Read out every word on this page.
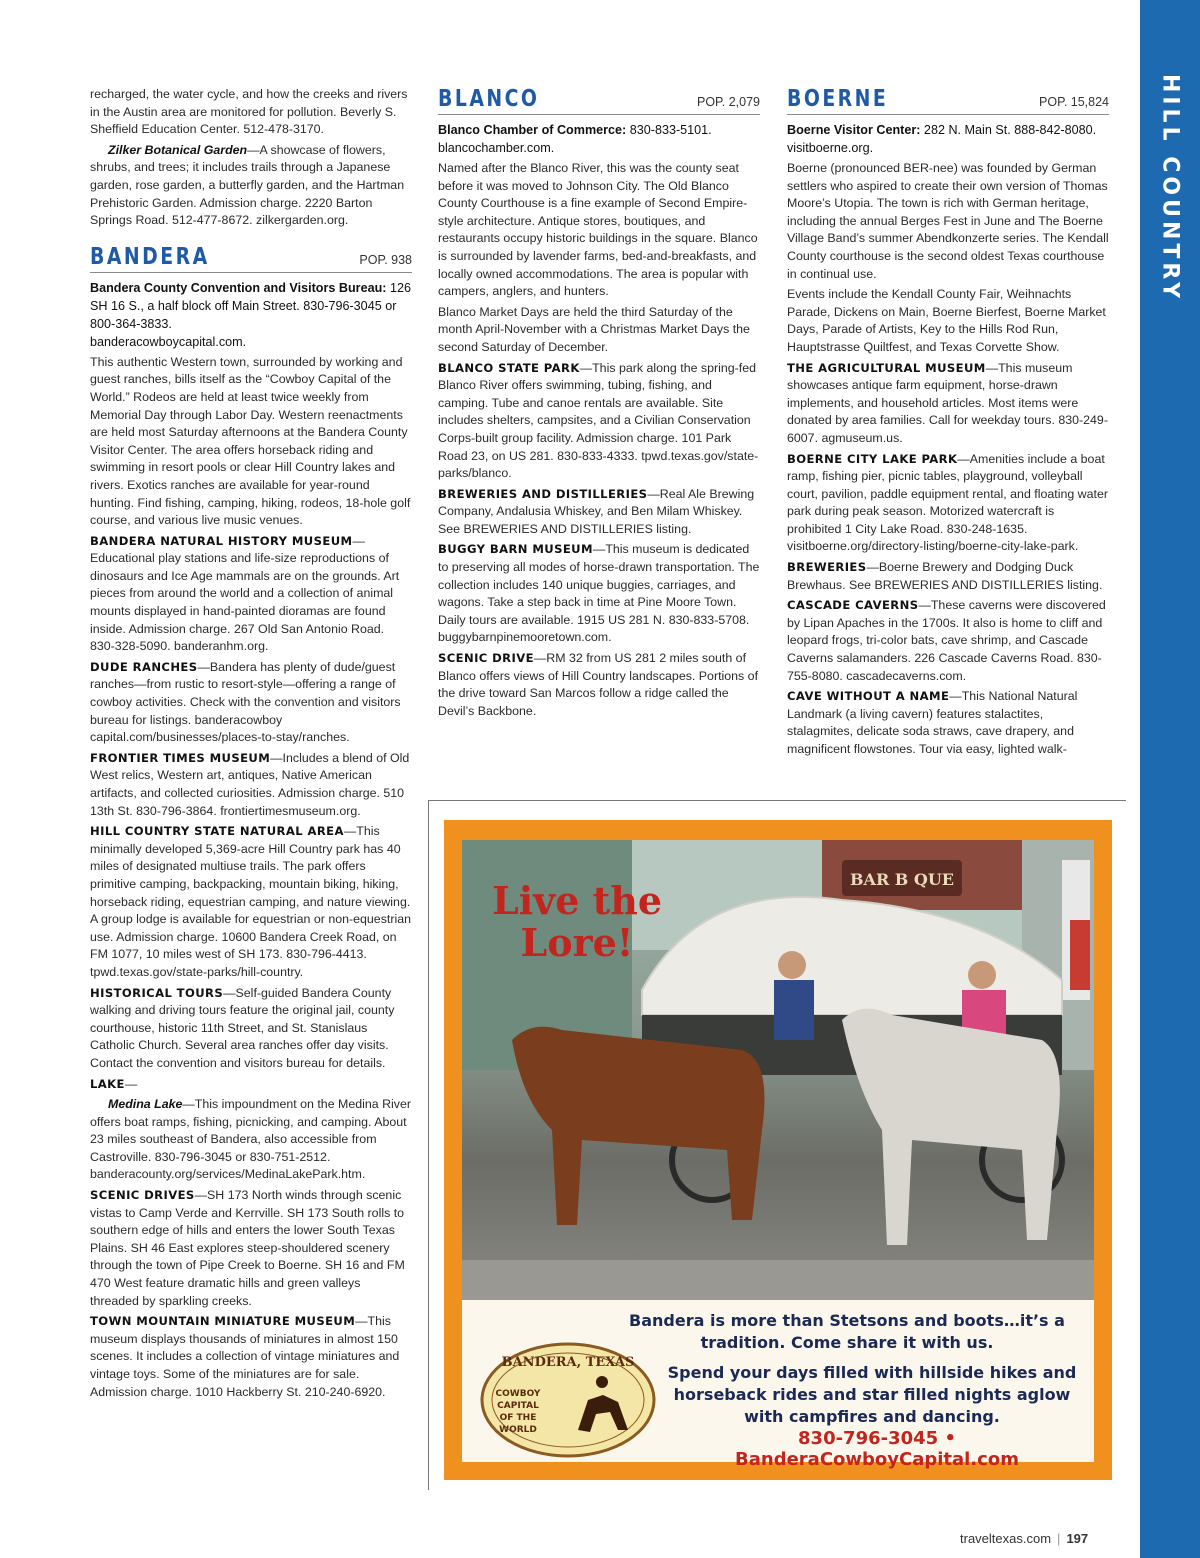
HILL COUNTRY

recharged, the water cycle, and how the creeks and rivers in the Austin area are monitored for pollution. Beverly S. Sheffield Education Center. 512-478-3170.

Zilker Botanical Garden—A showcase of flowers, shrubs, and trees; it includes trails through a Japanese garden, rose garden, a butterfly garden, and the Hartman Prehistoric Garden. Admission charge. 2220 Barton Springs Road. 512-477-8672. zilkergarden.org.

BANDERA	POP. 938

Bandera County Convention and Visitors Bureau: 126 SH 16 S., a half block off Main Street. 830-796-3045 or 800-364-3833.
banderacowboycapital.com.

This authentic Western town, surrounded by working and guest ranches, bills itself as the “Cowboy Capital of the World.” Rodeos are held at least twice weekly from Memorial Day through Labor Day. Western reenactments are held most Saturday afternoons at the Bandera County Visitor Center. The area offers horseback riding and swimming in resort pools or clear Hill Country lakes and rivers. Exotics ranches are available for year-round hunting. Find fishing, camping, hiking, rodeos, 18-hole golf course, and various live music venues.

BANDERA NATURAL HISTORY MUSEUM—Educational play stations and life-size reproductions of dinosaurs and Ice Age mammals are on the grounds. Art pieces from around the world and a collection of animal mounts displayed in hand-painted dioramas are found inside. Admission charge. 267 Old San Antonio Road. 830-328-5090. banderanhm.org.

DUDE RANCHES—Bandera has plenty of dude/guest ranches—from rustic to resort-style—offering a range of cowboy activities. Check with the convention and visitors bureau for listings. banderacowboy capital.com/businesses/places-to-stay/ranches.

FRONTIER TIMES MUSEUM—Includes a blend of Old West relics, Western art, antiques, Native American artifacts, and collected curiosities. Admission charge. 510 13th St. 830-796-3864. frontiertimesmuseum.org.

HILL COUNTRY STATE NATURAL AREA—This minimally developed 5,369-acre Hill Country park has 40 miles of designated multiuse trails. The park offers primitive camping, backpacking, mountain biking, hiking, horseback riding, equestrian camping, and nature viewing. A group lodge is available for equestrian or non-equestrian use. Admission charge. 10600 Bandera Creek Road, on FM 1077, 10 miles west of SH 173. 830-796-4413. tpwd.texas.gov/state-parks/hill-country.

HISTORICAL TOURS—Self-guided Bandera County walking and driving tours feature the original jail, county courthouse, historic 11th Street, and St. Stanislaus Catholic Church. Several area ranches offer day visits. Contact the convention and visitors bureau for details.

LAKE—

Medina Lake—This impoundment on the Medina River offers boat ramps, fishing, picnicking, and camping. About 23 miles southeast of Bandera, also accessible from Castroville. 830-796-3045 or 830-751-2512. banderacounty.org/services/MedinaLakePark.htm.

SCENIC DRIVES—SH 173 North winds through scenic vistas to Camp Verde and Kerrville. SH 173 South rolls to southern edge of hills and enters the lower South Texas Plains. SH 46 East explores steep-shouldered scenery through the town of Pipe Creek to Boerne. SH 16 and FM 470 West feature dramatic hills and green valleys threaded by sparkling creeks.

TOWN MOUNTAIN MINIATURE MUSEUM—This museum displays thousands of miniatures in almost 150 scenes. It includes a collection of vintage miniatures and vintage toys. Some of the miniatures are for sale. Admission charge. 1010 Hackberry St. 210-240-6920.

BLANCO	POP. 2,079

Blanco Chamber of Commerce: 830-833-5101.
blancochamber.com.

Named after the Blanco River, this was the county seat before it was moved to Johnson City. The Old Blanco County Courthouse is a fine example of Second Empire-style architecture. Antique stores, boutiques, and restaurants occupy historic buildings in the square. Blanco is surrounded by lavender farms, bed-and-breakfasts, and locally owned accommodations. The area is popular with campers, anglers, and hunters.

Blanco Market Days are held the third Saturday of the month April-November with a Christmas Market Days the second Saturday of December.

BLANCO STATE PARK—This park along the spring-fed Blanco River offers swimming, tubing, fishing, and camping. Tube and canoe rentals are available. Site includes shelters, campsites, and a Civilian Conservation Corps-built group facility. Admission charge. 101 Park Road 23, on US 281. 830-833-4333. tpwd.texas.gov/state-parks/blanco.

BREWERIES AND DISTILLERIES—Real Ale Brewing Company, Andalusia Whiskey, and Ben Milam Whiskey. See BREWERIES AND DISTILLERIES listing.

BUGGY BARN MUSEUM—This museum is dedicated to preserving all modes of horse-drawn transportation. The collection includes 140 unique buggies, carriages, and wagons. Take a step back in time at Pine Moore Town. Daily tours are available. 1915 US 281 N. 830-833-5708. buggybarnpinemooretown.com.

SCENIC DRIVE—RM 32 from US 281 2 miles south of Blanco offers views of Hill Country landscapes. Portions of the drive toward San Marcos follow a ridge called the Devil’s Backbone.

BOERNE	POP. 15,824

Boerne Visitor Center: 282 N. Main St. 888-842-8080. visitboerne.org.

Boerne (pronounced BER-nee) was founded by German settlers who aspired to create their own version of Thomas Moore’s Utopia. The town is rich with German heritage, including the annual Berges Fest in June and The Boerne Village Band’s summer Abendkonzerte series. The Kendall County courthouse is the second oldest Texas courthouse in continual use.

Events include the Kendall County Fair, Weihnachts Parade, Dickens on Main, Boerne Bierfest, Boerne Market Days, Parade of Artists, Key to the Hills Rod Run, Hauptstrasse Quiltfest, and Texas Corvette Show.

THE AGRICULTURAL MUSEUM—This museum showcases antique farm equipment, horse-drawn implements, and household articles. Most items were donated by area families. Call for weekday tours. 830-249-6007. agmuseum.us.

BOERNE CITY LAKE PARK—Amenities include a boat ramp, fishing pier, picnic tables, playground, volleyball court, pavilion, paddle equipment rental, and floating water park during peak season. Motorized watercraft is prohibited 1 City Lake Road. 830-248-1635. visitboerne.org/directory-listing/boerne-city-lake-park.

BREWERIES—Boerne Brewery and Dodging Duck Brewhaus. See BREWERIES AND DISTILLERIES listing.

CASCADE CAVERNS—These caverns were discovered by Lipan Apaches in the 1700s. It also is home to cliff and leopard frogs, tri-color bats, cave shrimp, and Cascade Caverns salamanders. 226 Cascade Caverns Road. 830-755-8080. cascadecaverns.com.

CAVE WITHOUT A NAME—This National Natural Landmark (a living cavern) features stalactites, stalagmites, delicate soda straws, cave drapery, and magnificent flowstones. Tour via easy, lighted walk-

BAR B QUE
Live the
Lore!
Bandera is more than Stetsons and boots…it’s a tradition. Come share it with us.
Spend your days filled with hillside hikes and horseback rides and star filled nights aglow with campfires and dancing.
830-796-3045 • BanderaCowboyCapital.com
BANDERA, TEXAS
COWBOY
CAPITAL
OF THE
WORLD
traveltexas.com | 197
